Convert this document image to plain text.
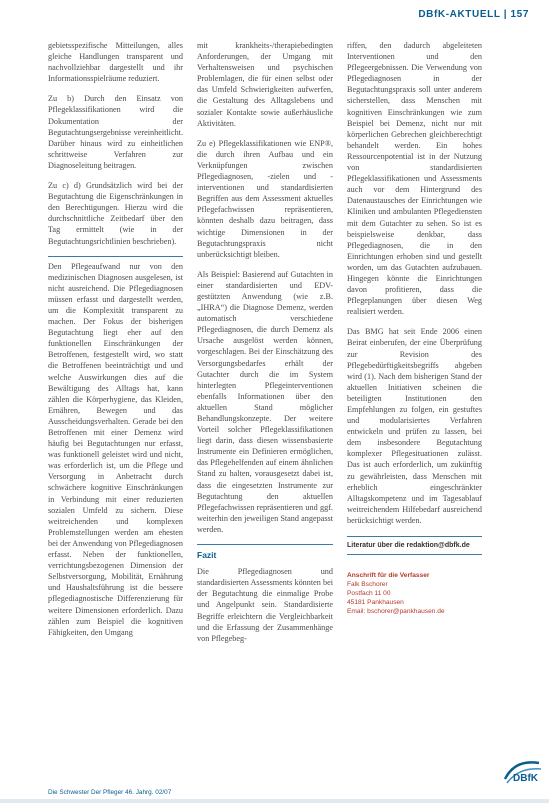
DBfK-AKTUELL | 157

gebietsspezifische Mitteilungen, alles gleiche Handlungen transparent und nachvollziehbar dargestellt und ihr Informationsspielräume reduziert.

Zu b) Durch den Einsatz von Pflegeklassifikationen wird die Dokumentation der Begutachtungsergebnisse vereinheitlicht. Darüber hinaus wird zu einheitlichen schrittweise Verfahren zur Diagnoseleitung beitragen.

Zu c) d) Grundsätzlich wird bei der Begutachtung die Eigenschränkungen in den Berechtigungen. Hierzu wird die durchschnittliche Zeitbedarf über den Tag ermittelt (wie in der Begutachtungsrichtlinien beschrieben).

Den Pflegeaufwand nur von den medizinischen Diagnosen ausgelesen, ist nicht ausreichend. Die Pflegediagnosen müssen erfasst und dargestellt werden, um die Komplexität transparent zu machen. Der Fokus der bisherigen Begutachtung liegt eher auf den funktionellen Einschränkungen der Betroffenen, festgestellt wird, wo statt die Betroffenen beeinträchtigt und und welche Auswirkungen dies auf die Bewältigung des Alltags hat, kann zählen die Körperhygiene, das Kleiden, Ernähren, Bewegen und das Ausscheidungsverhalten. Gerade bei den Betroffenen mit einer Demenz wird häufig bei Begutachtungen nur erfasst, was funktionell geleistet wird und nicht, was erforderlich ist, um die Pflege und Versorgung in Anbetracht durch schwächere kognitive Einschränkungen in Verbindung mit einer reduzierten sozialen Umfeld zu sichern. Diese weitreichenden und komplexen Problemstellungen werden am ehesten bei der Anwendung von Pflegediagnosen erfasst. Neben der funktionellen, verrichtungsbezogenen Dimension der Selbstversorgung, Mobilität, Ernährung und Haushaltsführung ist die bessere pflegediagnostische Differenzierung für weitere Dimensionen erforderlich. Dazu zählen zum Beispiel die kognitiven Fähigkeiten, den Umgang

mit krankheits-/therapiebedingten Anforderungen, der Umgang mit Verhaltensweisen und psychischen Problemlagen, die für einen selbst oder das Umfeld Schwierigkeiten aufwerfen, die Gestaltung des Alltagslebens und sozialer Kontakte sowie außerhäusliche Aktivitäten.

Zu e) Pflegeklassifikationen wie ENP®, die durch ihren Aufbau und ein Verknüpfungen zwischen Pflegediagnosen, -zielen und -interventionen und standardisierten Begriffen aus dem Assessment aktuelles Pflegefachwissen repräsentieren, könnten deshalb dazu beitragen, dass wichtige Dimensionen in der Begutachtungspraxis nicht unberücksichtigt bleiben.

Als Beispiel: Basierend auf Gutachten in einer standardisierten und EDV-gestützten Anwendung (wie z.B. „IHRA“) die Diagnose Demenz, werden automatisch verschiedene Pflegediagnosen, die durch Demenz als Ursache ausgelöst werden können, vorgeschlagen. Bei der Einschätzung des Versorgungsbedarfes erhält der Gutachter durch die im System hinterlegten Pflegeinterventionen ebenfalls Informationen über den aktuellen Stand möglicher Behandlungskonzepte. Der weitere Vorteil solcher Pflegeklassifikationen liegt darin, dass diesen wissensbasierte Instrumente ein Definieren ermöglichen, das Pflegehelfenden auf einem ähnlichen Stand zu halten, vorausgesetzt dabei ist, dass die eingesetzten Instrumente zur Begutachtung den aktuellen Pflegefachwissen repräsentieren und ggf. weiterhin den jeweiligen Stand angepasst werden.

Fazit

Die Pflegediagnosen und standardisierten Assessments könnten bei der Begutachtung die einmalige Probe und Angelpunkt sein. Standardisierte Begriffe erleichtern die Vergleichbarkeit und die Erfassung der Zusammenhänge von Pflegebeg-

riffen, den dadurch abgeleiteten Interventionen und den Pflegeergebnissen. Die Verwendung von Pflegediagnosen in der Begutachtungspraxis soll unter anderem sicherstellen, dass Menschen mit kognitiven Einschränkungen wie zum Beispiel bei Demenz, nicht nur mit körperlichen Gebrechen gleichberechtigt behandelt werden. Ein hohes Ressourcenpotential ist in der Nutzung von standardisierten Pflegeklassifikationen und Assessments auch vor dem Hintergrund des Datenaustausches der Einrichtungen wie Kliniken und ambulanten Pflegediensten mit dem Gutachter zu sehen. So ist es beispielsweise denkbar, dass Pflegediagnosen, die in den Einrichtungen erhoben sind und gestellt worden, um das Gutachten aufzubauen. Hingegen könnte die Einrichtungen davon profitieren, dass die Pflegeplanungen über diesen Weg realisiert werden.

Das BMG hat seit Ende 2006 einen Beirat einberufen, der eine Überprüfung zur Revision des Pflegebedürftigkeitsbegriffs abgeben wird (1). Nach dem bisherigen Stand der aktuellen Initiativen scheinen die beteiligten Institutionen den Empfehlungen zu folgen, ein gestuftes und modularisiertes Verfahren entwickeln und prüfen zu lassen, bei dem insbesondere Begutachtung komplexer Pflegesituationen zulässt. Das ist auch erforderlich, um zukünftig zu gewährleisten, dass Menschen mit erheblich eingeschränkter Alltagskompetenz und im Tagesablauf weitreichendem Hilfebedarf ausreichend berücksichtigt werden.

Literatur über die redaktion@dbfk.de
Anschrift für die Verfasser
Falk Bschorer
Postfach 11 00
45181 Pankhausen
Email: bschorer@pankhausen.de
Die Schwester Der Pfleger 46. Jahrg. 02/07
DBfK
